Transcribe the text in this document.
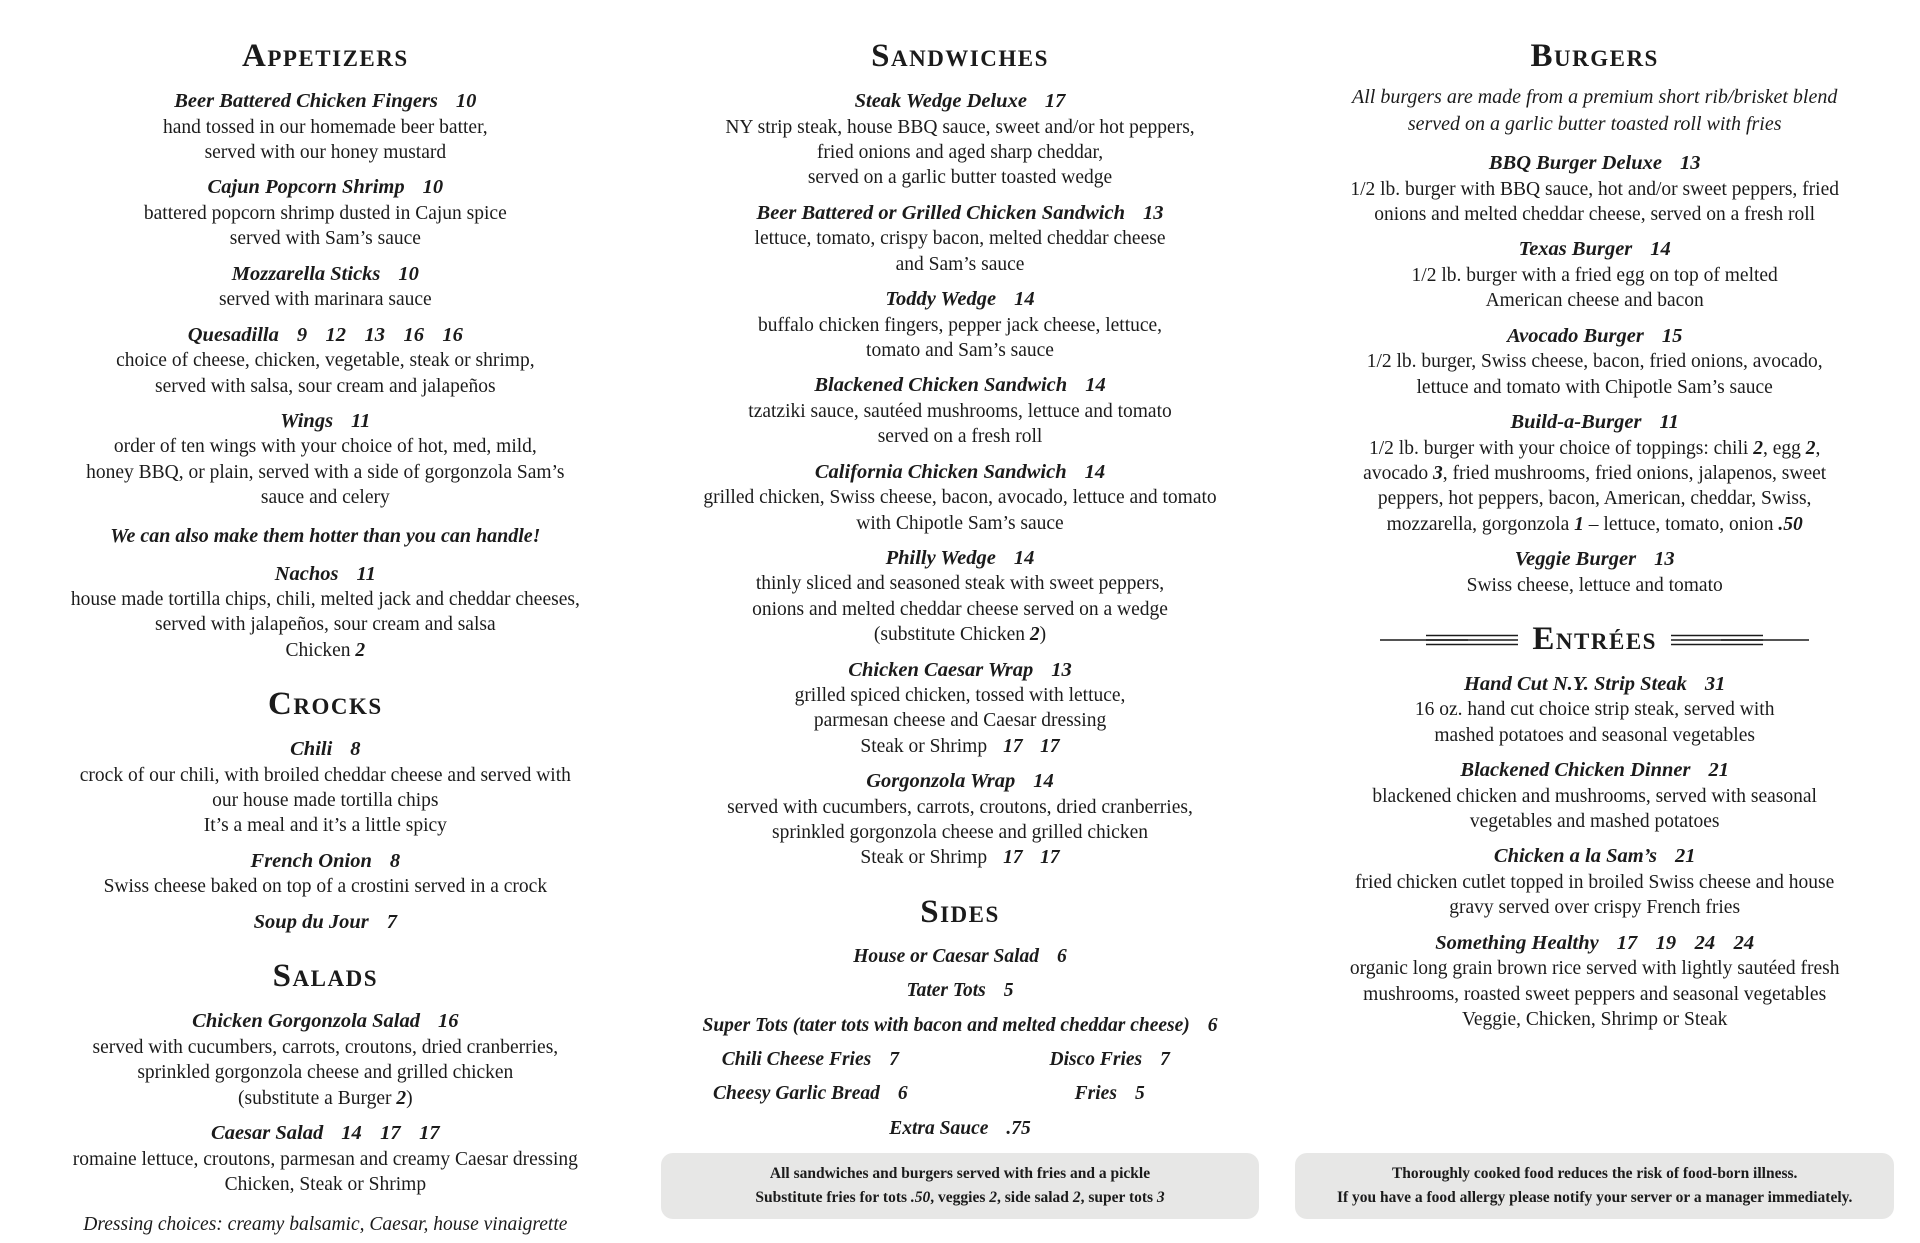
Appetizers
Beer Battered Chicken Fingers 10
hand tossed in our homemade beer batter,
served with our honey mustard
Cajun Popcorn Shrimp 10
battered popcorn shrimp dusted in Cajun spice
served with Sam’s sauce
Mozzarella Sticks 10
served with marinara sauce
Quesadilla 9 12 13 16 16
choice of cheese, chicken, vegetable, steak or shrimp,
served with salsa, sour cream and jalapeños
Wings 11
order of ten wings with your choice of hot, med, mild,
honey BBQ, or plain, served with a side of gorgonzola Sam’s
sauce and celery
We can also make them hotter than you can handle!
Nachos 11
house made tortilla chips, chili, melted jack and cheddar cheeses,
served with jalapeños, sour cream and salsa
Chicken 2
Crocks
Chili 8
crock of our chili, with broiled cheddar cheese and served with
our house made tortilla chips
It’s a meal and it’s a little spicy
French Onion 8
Swiss cheese baked on top of a crostini served in a crock
Soup du Jour 7
Salads
Chicken Gorgonzola Salad 16
served with cucumbers, carrots, croutons, dried cranberries,
sprinkled gorgonzola cheese and grilled chicken
(substitute a Burger 2)
Caesar Salad 14 17 17
romaine lettuce, croutons, parmesan and creamy Caesar dressing
Chicken, Steak or Shrimp
Dressing choices: creamy balsamic, Caesar, house vinaigrette
Sandwiches
Steak Wedge Deluxe 17
NY strip steak, house BBQ sauce, sweet and/or hot peppers,
fried onions and aged sharp cheddar,
served on a garlic butter toasted wedge
Beer Battered or Grilled Chicken Sandwich 13
lettuce, tomato, crispy bacon, melted cheddar cheese
and Sam’s sauce
Toddy Wedge 14
buffalo chicken fingers, pepper jack cheese, lettuce,
tomato and Sam’s sauce
Blackened Chicken Sandwich 14
tzatziki sauce, sautéed mushrooms, lettuce and tomato
served on a fresh roll
California Chicken Sandwich 14
grilled chicken, Swiss cheese, bacon, avocado, lettuce and tomato
with Chipotle Sam’s sauce
Philly Wedge 14
thinly sliced and seasoned steak with sweet peppers,
onions and melted cheddar cheese served on a wedge
(substitute Chicken 2)
Chicken Caesar Wrap 13
grilled spiced chicken, tossed with lettuce,
parmesan cheese and Caesar dressing
Steak or Shrimp 17 17
Gorgonzola Wrap 14
served with cucumbers, carrots, croutons, dried cranberries,
sprinkled gorgonzola cheese and grilled chicken
Steak or Shrimp 17 17
Sides
House or Caesar Salad 6
Tater Tots 5
Super Tots (tater tots with bacon and melted cheddar cheese) 6
Chili Cheese Fries 7	Disco Fries 7
Cheesy Garlic Bread 6	Fries 5
Extra Sauce .75
All sandwiches and burgers served with fries and a pickle
Substitute fries for tots .50, veggies 2, side salad 2, super tots 3
Burgers
All burgers are made from a premium short rib/brisket blend
served on a garlic butter toasted roll with fries
BBQ Burger Deluxe 13
1/2 lb. burger with BBQ sauce, hot and/or sweet peppers, fried
onions and melted cheddar cheese, served on a fresh roll
Texas Burger 14
1/2 lb. burger with a fried egg on top of melted
American cheese and bacon
Avocado Burger 15
1/2 lb. burger, Swiss cheese, bacon, fried onions, avocado,
lettuce and tomato with Chipotle Sam’s sauce
Build-a-Burger 11
1/2 lb. burger with your choice of toppings: chili 2, egg 2,
avocado 3, fried mushrooms, fried onions, jalapenos, sweet
peppers, hot peppers, bacon, American, cheddar, Swiss,
mozzarella, gorgonzola 1 – lettuce, tomato, onion .50
Veggie Burger 13
Swiss cheese, lettuce and tomato
Entrées
Hand Cut N.Y. Strip Steak 31
16 oz. hand cut choice strip steak, served with
mashed potatoes and seasonal vegetables
Blackened Chicken Dinner 21
blackened chicken and mushrooms, served with seasonal
vegetables and mashed potatoes
Chicken a la Sam’s 21
fried chicken cutlet topped in broiled Swiss cheese and house
gravy served over crispy French fries
Something Healthy 17 19 24 24
organic long grain brown rice served with lightly sautéed fresh
mushrooms, roasted sweet peppers and seasonal vegetables
Veggie, Chicken, Shrimp or Steak
Thoroughly cooked food reduces the risk of food-born illness.
If you have a food allergy please notify your server or a manager immediately.
